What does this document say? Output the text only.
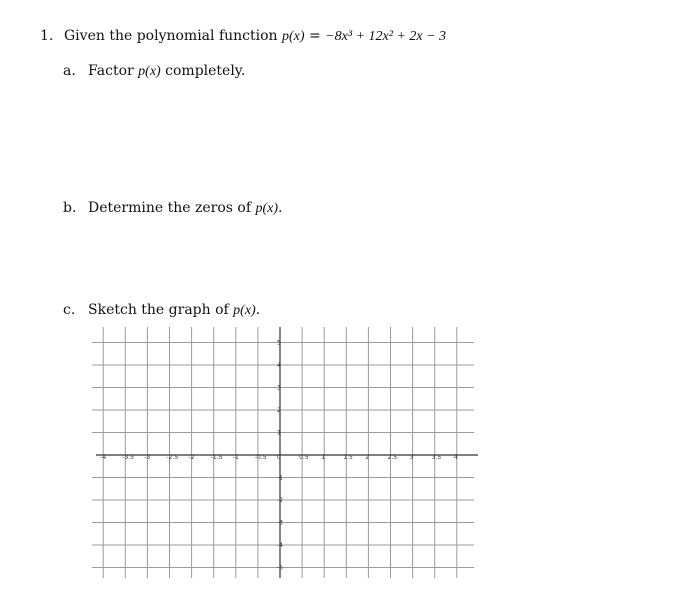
1. Given the polynomial function p(x) = −8x³ + 12x² + 2x − 3
a. Factor p(x) completely.
b. Determine the zeros of p(x).
c. Sketch the graph of p(x).
-4	-3.5 -3	-2.5 -2	-1.5 -1	-0.5 0	0.5 1	1.5 2	2.5 3	3.5 4
5
4
3
2
1
-1
-2
-3
-4
-5
